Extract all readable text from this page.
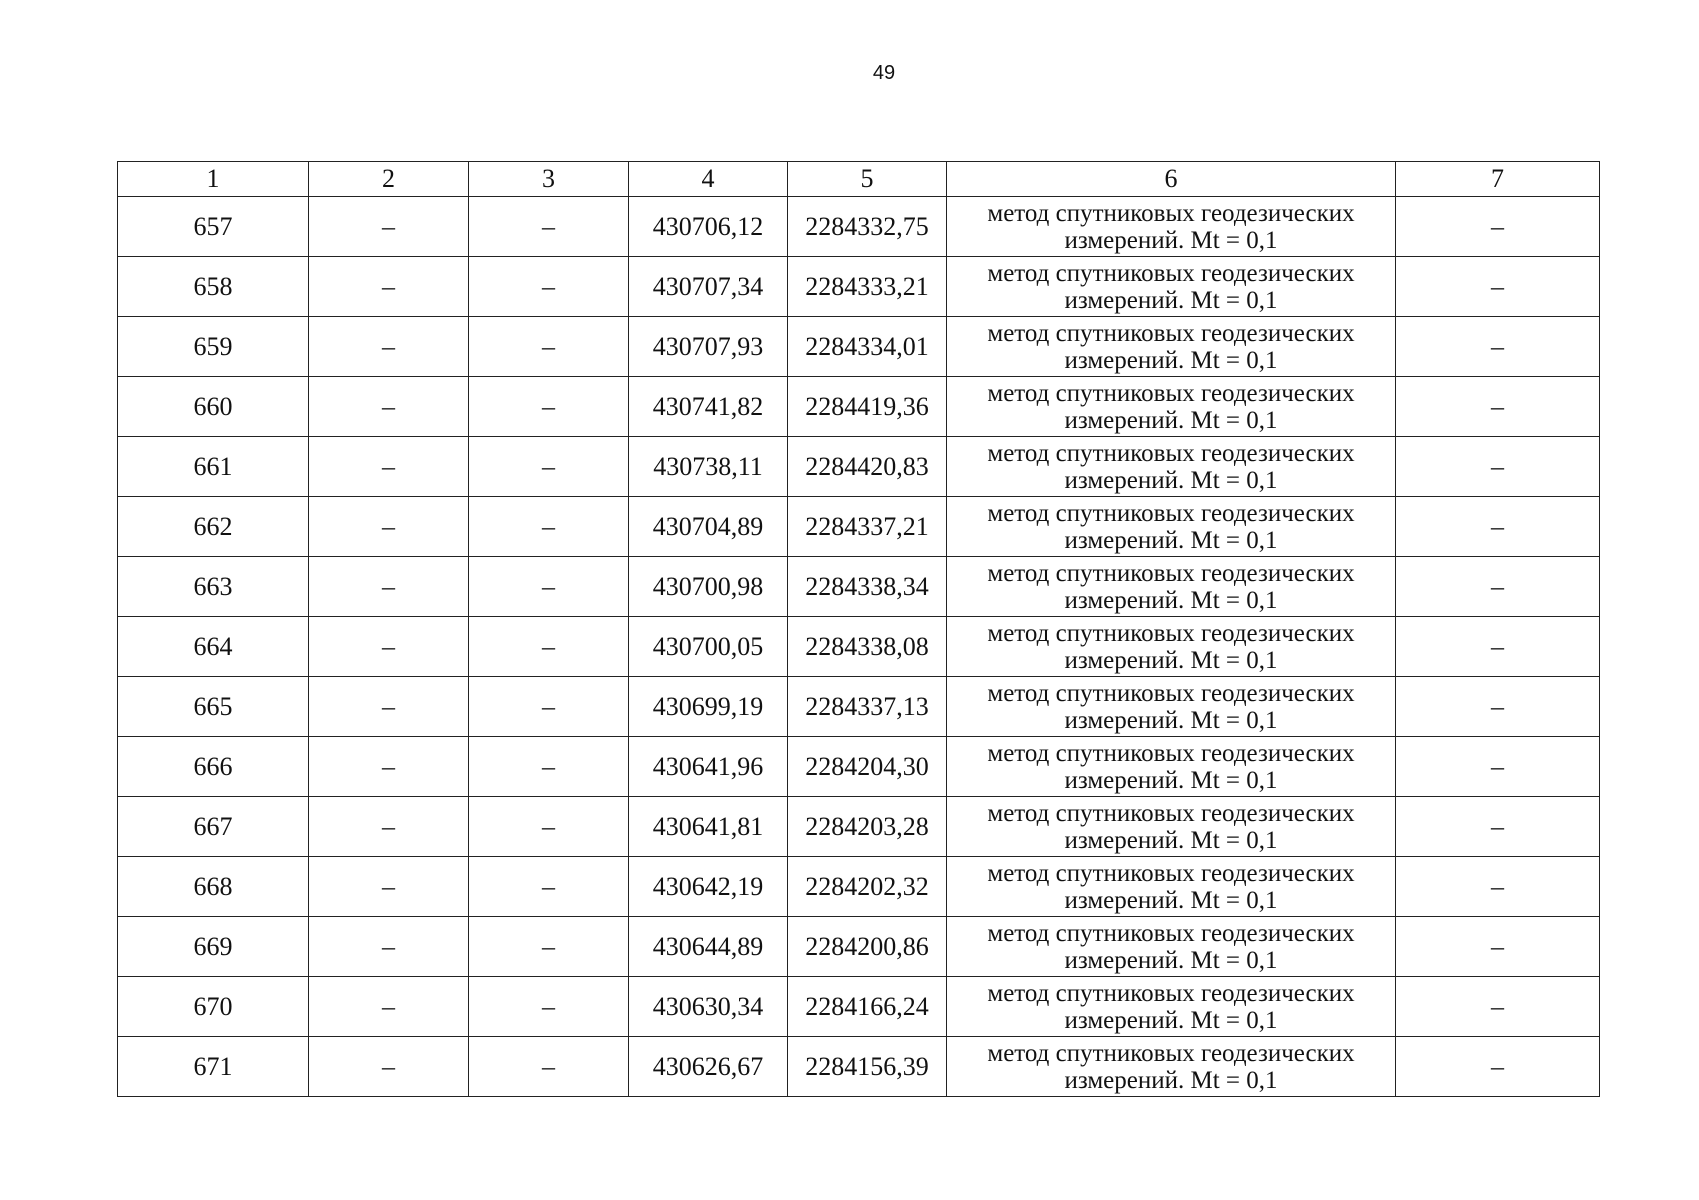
49
1	2	3	4	5	6	7
657	–	–	430706,12	2284332,75	метод спутниковых геодезических измерений. Mt = 0,1	–
658	–	–	430707,34	2284333,21	метод спутниковых геодезических измерений. Mt = 0,1	–
659	–	–	430707,93	2284334,01	метод спутниковых геодезических измерений. Mt = 0,1	–
660	–	–	430741,82	2284419,36	метод спутниковых геодезических измерений. Mt = 0,1	–
661	–	–	430738,11	2284420,83	метод спутниковых геодезических измерений. Mt = 0,1	–
662	–	–	430704,89	2284337,21	метод спутниковых геодезических измерений. Mt = 0,1	–
663	–	–	430700,98	2284338,34	метод спутниковых геодезических измерений. Mt = 0,1	–
664	–	–	430700,05	2284338,08	метод спутниковых геодезических измерений. Mt = 0,1	–
665	–	–	430699,19	2284337,13	метод спутниковых геодезических измерений. Mt = 0,1	–
666	–	–	430641,96	2284204,30	метод спутниковых геодезических измерений. Mt = 0,1	–
667	–	–	430641,81	2284203,28	метод спутниковых геодезических измерений. Mt = 0,1	–
668	–	–	430642,19	2284202,32	метод спутниковых геодезических измерений. Mt = 0,1	–
669	–	–	430644,89	2284200,86	метод спутниковых геодезических измерений. Mt = 0,1	–
670	–	–	430630,34	2284166,24	метод спутниковых геодезических измерений. Mt = 0,1	–
671	–	–	430626,67	2284156,39	метод спутниковых геодезических измерений. Mt = 0,1	–
